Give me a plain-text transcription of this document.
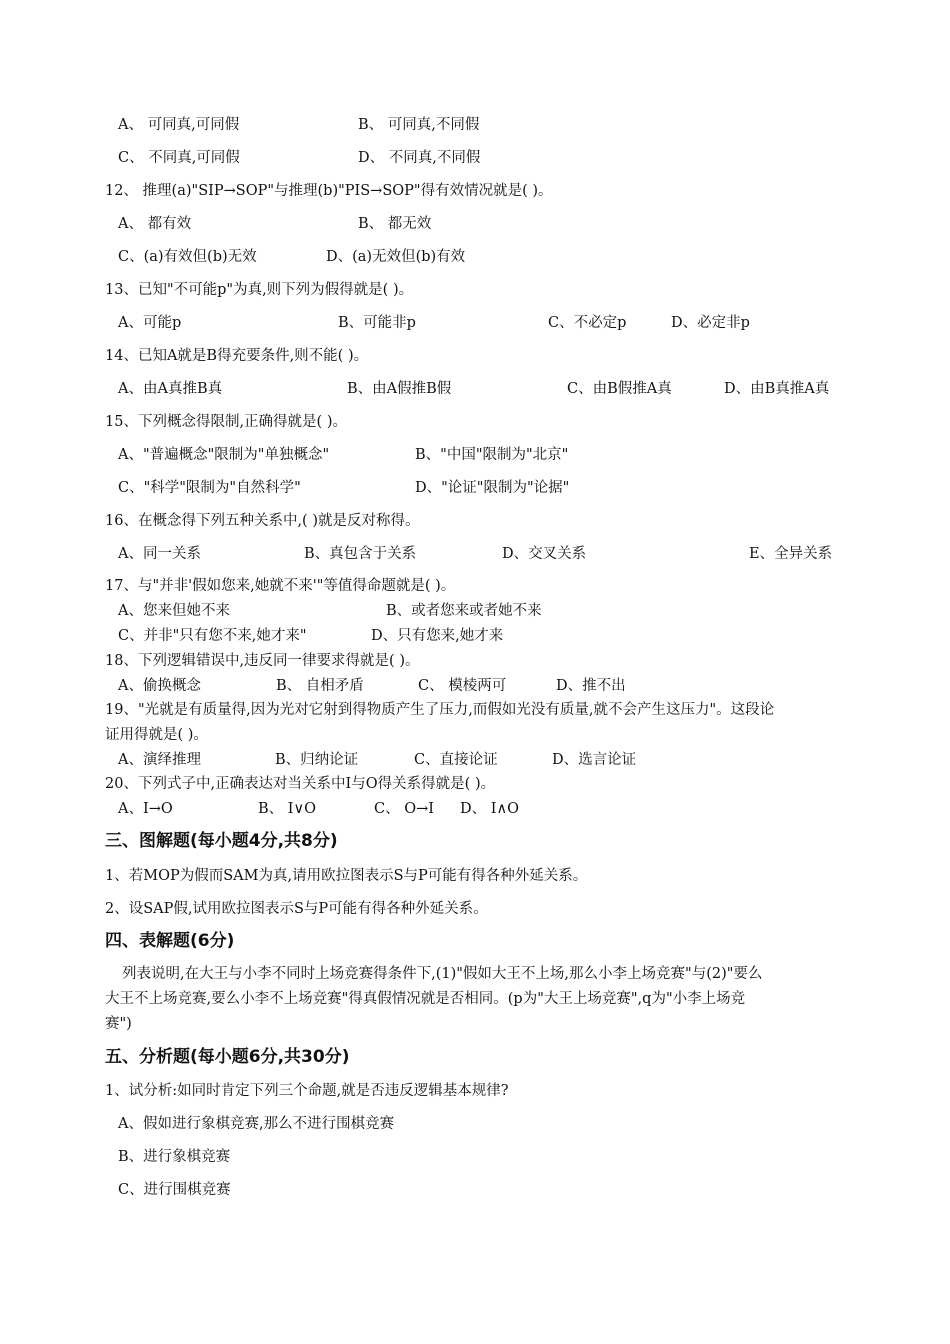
A、 可同真,可同假	B、 可同真,不同假
C、 不同真,可同假	D、 不同真,不同假
12、 推理(a)"SIP→SOP"与推理(b)"PIS→SOP"得有效情况就是( )。
A、 都有效	B、 都无效
C、(a)有效但(b)无效	D、(a)无效但(b)有效
13、已知"不可能p"为真,则下列为假得就是( )。
A、可能p	B、可能非p	C、不必定p	D、必定非p
14、已知A就是B得充要条件,则不能( )。
A、由A真推B真	B、由A假推B假	C、由B假推A真	D、由B真推A真
15、下列概念得限制,正确得就是( )。
A、"普遍概念"限制为"单独概念"	B、"中国"限制为"北京"
C、"科学"限制为"自然科学"	D、"论证"限制为"论据"
16、在概念得下列五种关系中,( )就是反对称得。
A、同一关系	B、真包含于关系	D、交叉关系	E、全异关系
17、与"并非'假如您来,她就不来'"等值得命题就是( )。
A、您来但她不来	B、或者您来或者她不来
C、并非"只有您不来,她才来"	D、只有您来,她才来
18、下列逻辑错误中,违反同一律要求得就是( )。
A、偷换概念	B、 自相矛盾	C、 模棱两可	D、推不出
19、"光就是有质量得,因为光对它射到得物质产生了压力,而假如光没有质量,就不会产生这压力"。这段论
证用得就是( )。
A、演绎推理	B、归纳论证	C、直接论证	D、选言论证
20、下列式子中,正确表达对当关系中I与O得关系得就是( )。
A、I→O	B、 I∨O	C、 O→I D、 I∧O
三、图解题(每小题4分,共8分)
1、若MOP为假而SAM为真,请用欧拉图表示S与P可能有得各种外延关系。
2、设SAP假,试用欧拉图表示S与P可能有得各种外延关系。
四、表解题(6分)
列表说明,在大王与小李不同时上场竞赛得条件下,(1)"假如大王不上场,那么小李上场竞赛"与(2)"要么
大王不上场竞赛,要么小李不上场竞赛"得真假情况就是否相同。(p为"大王上场竞赛",q为"小李上场竞
赛")
五、分析题(每小题6分,共30分)
1、试分析:如同时肯定下列三个命题,就是否违反逻辑基本规律?
A、假如进行象棋竞赛,那么不进行围棋竞赛
B、进行象棋竞赛
C、进行围棋竞赛
